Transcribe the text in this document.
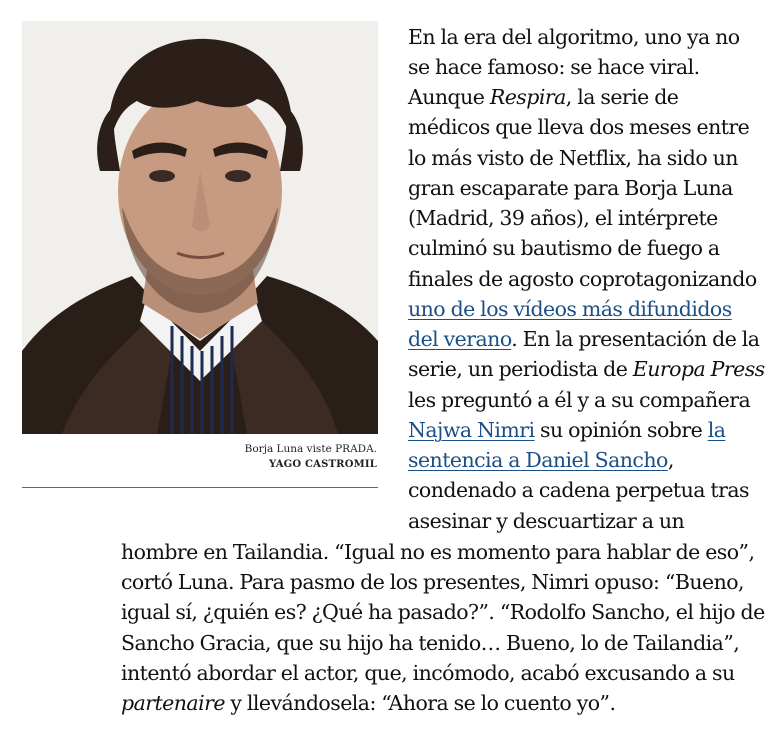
Borja Luna viste PRADA.
YAGO CASTROMIL
En la era del algoritmo, uno ya no
se hace famoso: se hace viral.
Aunque Respira, la serie de
médicos que lleva dos meses entre
lo más visto de Netflix, ha sido un
gran escaparate para Borja Luna
(Madrid, 39 años), el intérprete
culminó su bautismo de fuego a
finales de agosto coprotagonizando
uno de los vídeos más difundidos
del verano. En la presentación de la
serie, un periodista de Europa Press
les preguntó a él y a su compañera
Najwa Nimri su opinión sobre la
sentencia a Daniel Sancho,
condenado a cadena perpetua tras
asesinar y descuartizar a un
hombre en Tailandia. “Igual no es momento para hablar de eso”,
cortó Luna. Para pasmo de los presentes, Nimri opuso: “Bueno,
igual sí, ¿quién es? ¿Qué ha pasado?”. “Rodolfo Sancho, el hijo de
Sancho Gracia, que su hijo ha tenido… Bueno, lo de Tailandia”,
intentó abordar el actor, que, incómodo, acabó excusando a su
partenaire y llevándosela: “Ahora se lo cuento yo”.
